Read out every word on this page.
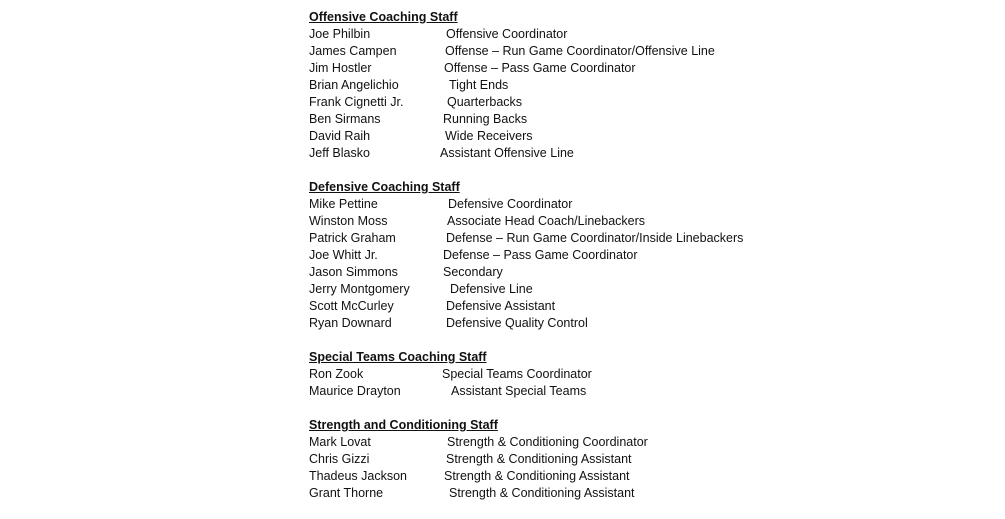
Offensive Coaching Staff
Joe Philbin	Offensive Coordinator
James Campen	Offense – Run Game Coordinator/Offensive Line
Jim Hostler	Offense – Pass Game Coordinator
Brian Angelichio	Tight Ends
Frank Cignetti Jr.	Quarterbacks
Ben Sirmans	Running Backs
David Raih	Wide Receivers
Jeff Blasko	Assistant Offensive Line
Defensive Coaching Staff
Mike Pettine	Defensive Coordinator
Winston Moss	Associate Head Coach/Linebackers
Patrick Graham	Defense – Run Game Coordinator/Inside Linebackers
Joe Whitt Jr.	Defense – Pass Game Coordinator
Jason Simmons	Secondary
Jerry Montgomery	Defensive Line
Scott McCurley	Defensive Assistant
Ryan Downard	Defensive Quality Control
Special Teams Coaching Staff
Ron Zook	Special Teams Coordinator
Maurice Drayton	Assistant Special Teams
Strength and Conditioning Staff
Mark Lovat	Strength & Conditioning Coordinator
Chris Gizzi	Strength & Conditioning Assistant
Thadeus Jackson	Strength & Conditioning Assistant
Grant Thorne	Strength & Conditioning Assistant
